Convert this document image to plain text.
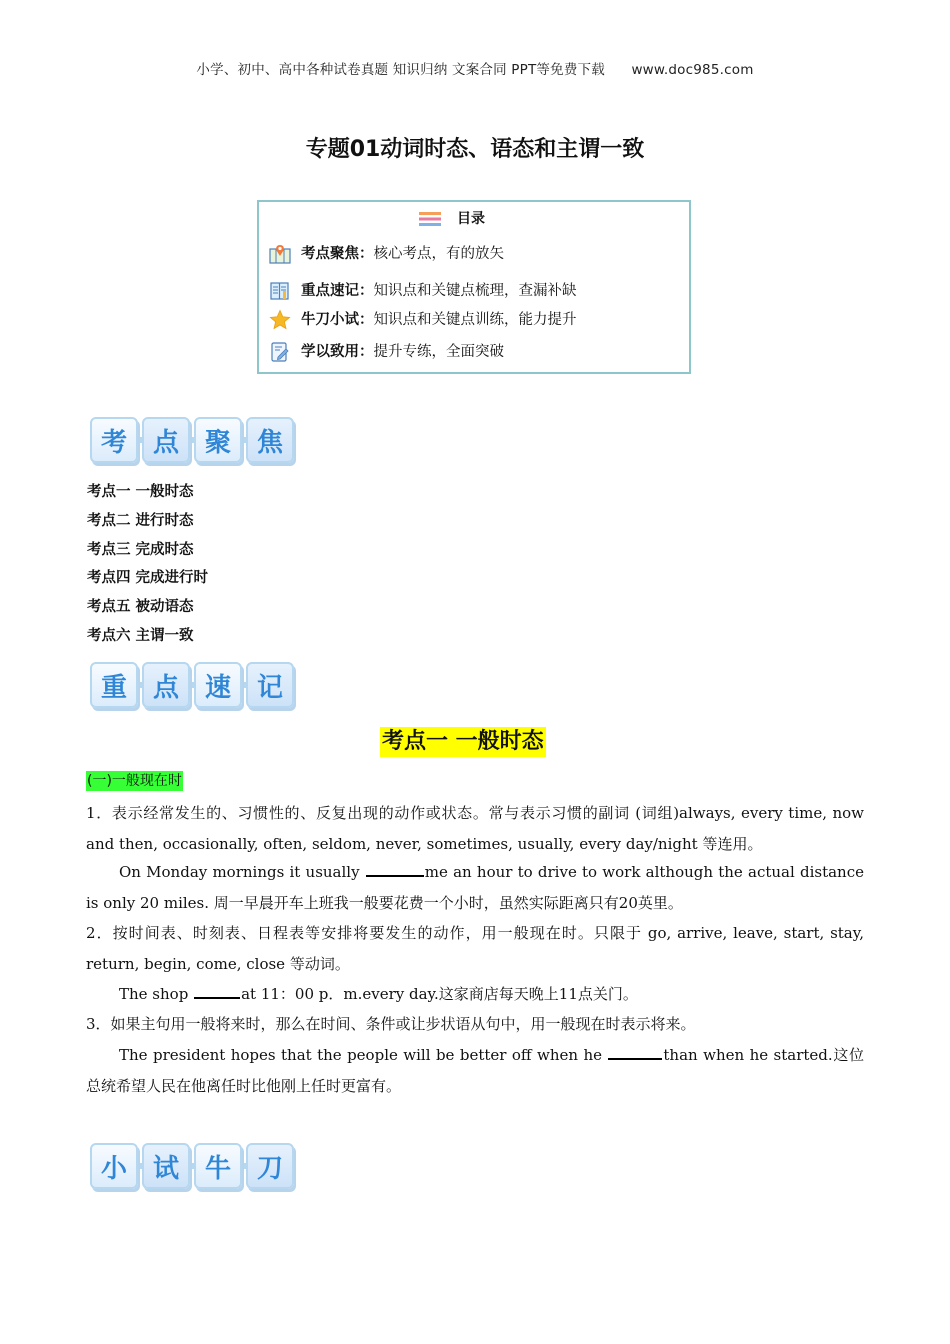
小学、初中、高中各种试卷真题 知识归纳 文案合同 PPT等免费下载 www.doc985.com
专题01动词时态、语态和主谓一致
目录
考点聚焦：核心考点，有的放矢
重点速记：知识点和关键点梳理，查漏补缺
牛刀小试：知识点和关键点训练，能力提升
学以致用：提升专练，全面突破
考 点 聚 焦
考点一 一般时态
考点二 进行时态
考点三 完成时态
考点四 完成进行时
考点五 被动语态
考点六 主谓一致
重 点 速 记
考点一 一般时态
(一)一般现在时
1．表示经常发生的、习惯性的、反复出现的动作或状态。常与表示习惯的副词 (词组)always, every time, now and then, occasionally, often, seldom, never, sometimes, usually, every day/night 等连用。
On Monday mornings it usually	me an hour to drive to work although the actual distance is only 20 miles. 周一早晨开车上班我一般要花费一个小时，虽然实际距离只有20英里。
2．按时间表、时刻表、日程表等安排将要发生的动作，用一般现在时。只限于 go, arrive, leave, start, stay, return, begin, come, close 等动词。
The shop	at 11：00 p．m.every day.这家商店每天晚上11点关门。
3．如果主句用一般将来时，那么在时间、条件或让步状语从句中，用一般现在时表示将来。
The president hopes that the people will be better off when he	than when he started.这位总统希望人民在他离任时比他刚上任时更富有。
小 试 牛 刀
